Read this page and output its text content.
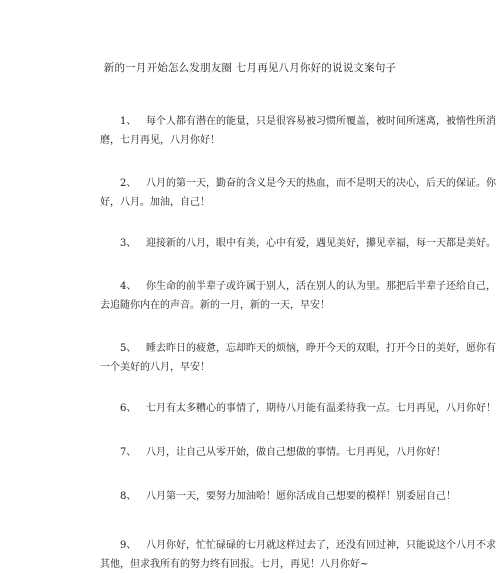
新的一月开始怎么发朋友圈 七月再见八月你好的说说文案句子
1、 每个人都有潜在的能量，只是很容易被习惯所覆盖，被时间所迷离，被惰性所消
磨，七月再见，八月你好！
2、 八月的第一天，勤奋的含义是今天的热血，而不是明天的决心，后天的保证。你
好，八月。加油，自己！
3、 迎接新的八月，眼中有美，心中有爱，遇见美好，攥见幸福，每一天都是美好。
4、 你生命的前半辈子或许属于别人，活在别人的认为里。那把后半辈子还给自己，
去追随你内在的声音。新的一月，新的一天，早安！
5、 睡去昨日的疲惫，忘却昨天的烦恼，睁开今天的双眼，打开今日的美好，愿你有
一个美好的八月，早安！
6、 七月有太多糟心的事情了，期待八月能有温柔待我一点。七月再见，八月你好！
7、 八月，让自己从零开始，做自己想做的事情。七月再见，八月你好！
8、 八月第一天，要努力加油哈！愿你活成自己想要的模样！别委屈自己！
9、 八月你好，忙忙碌碌的七月就这样过去了，还没有回过神，只能说这个八月不求
其他，但求我所有的努力终有回报。七月，再见！八月你好~
